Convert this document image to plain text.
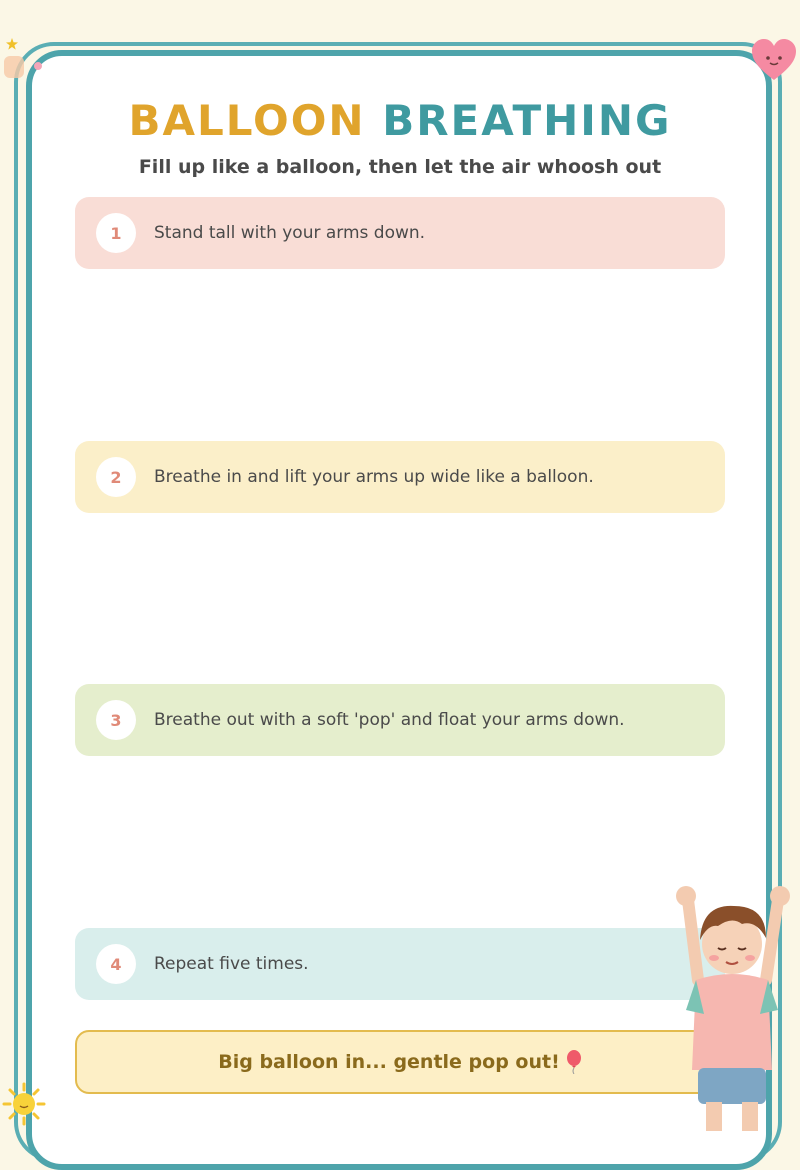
BALLOON BREATHING

Fill up like a balloon, then let the air whoosh out

1	Stand tall with your arms down.
2	Breathe in and lift your arms up wide like a balloon.
3	Breathe out with a soft 'pop' and float your arms down.
4	Repeat five times.
Big balloon in... gentle pop out!
